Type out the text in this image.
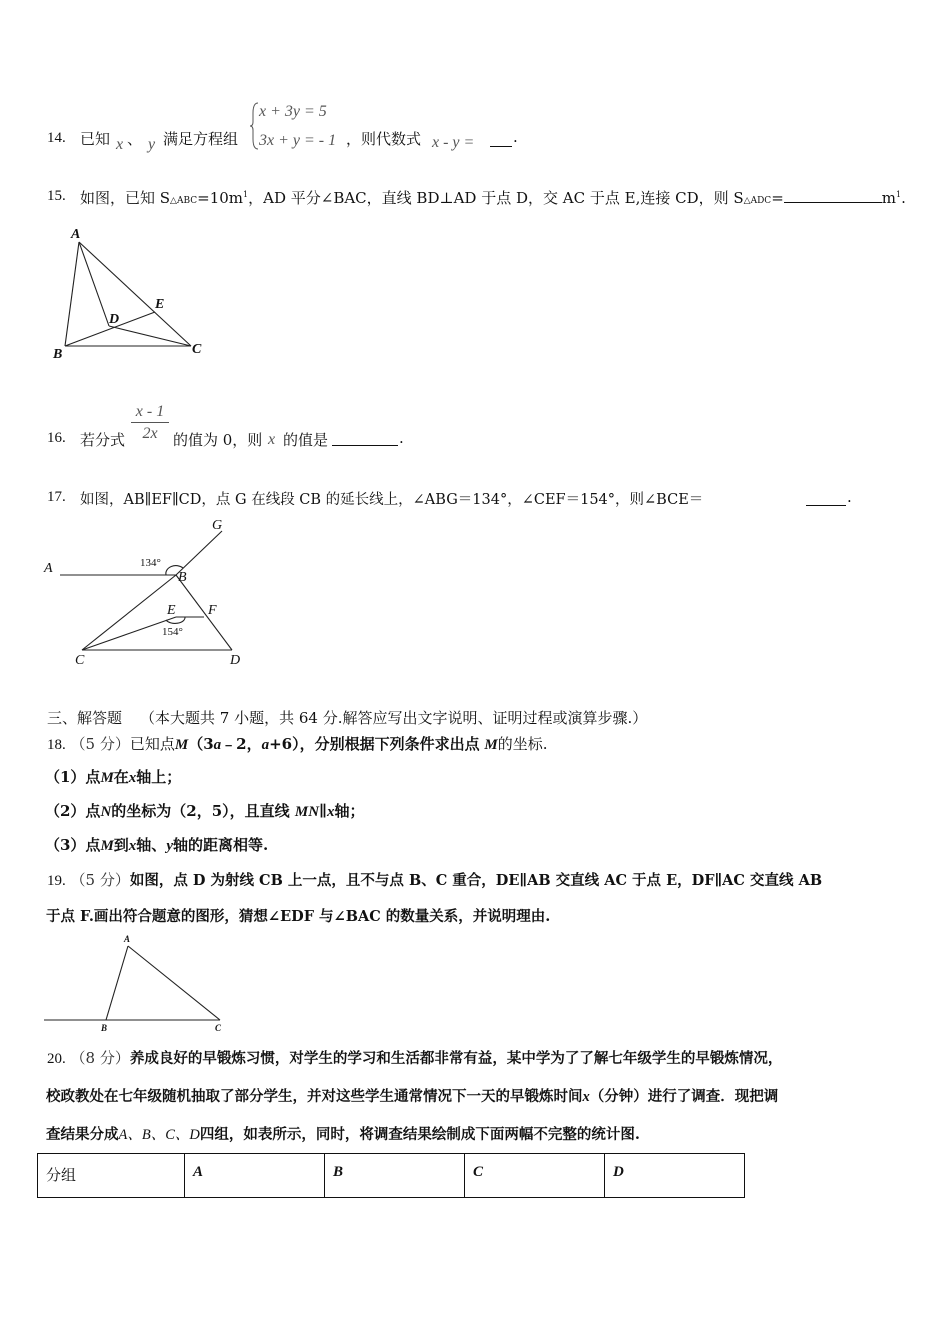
14. 已知 x 、 y 满足方程组
x + 3y = 5
3x + y = - 1 ，则代数式 x - y =	.
15. 如图，已知 $S\triangle ABC=10m^1$，AD 平分∠BAC，直线 BD⊥AD 于点 D，交 AC 于点 E,连接 CD，则 S△ADC=	$m^1$.
A
B	C
D
E
16. 若分式
x - 1
2x	的值为 0，则 x 的值是	.
17. 如图，AB∥EF∥CD，点 G 在线段 CB 的延长线上，∠ABG＝134°，∠CEF＝154°，则∠BCE＝	.
A
B
C	D
E F
G
134°
154°
三、解答题 （本大题共 7 小题，共 64 分.解答应写出文字说明、证明过程或演算步骤.）
18. （5 分）已知点M（3a﹣2，a+6），分别根据下列条件求出点 M的坐标.
（1）点M在x轴上；
（2）点N的坐标为（2，5），且直线 MN∥x轴；
（3）点M到x轴、y轴的距离相等.
19. （5 分）如图，点 D 为射线 CB 上一点，且不与点 B、C 重合，DE∥AB 交直线 AC 于点 E，DF∥AC 交直线 AB
于点 F.画出符合题意的图形，猜想∠EDF 与∠BAC 的数量关系，并说明理由.
A
B	C
20. （8 分）养成良好的早锻炼习惯，对学生的学习和生活都非常有益，某中学为了了解七年级学生的早锻炼情况，
校政教处在七年级随机抽取了部分学生，并对这些学生通常情况下一天的早锻炼时间x（分钟）进行了调查．现把调
查结果分成A、B、C、D四组，如表所示，同时，将调查结果绘制成下面两幅不完整的统计图.
分组	A	B	C	D
